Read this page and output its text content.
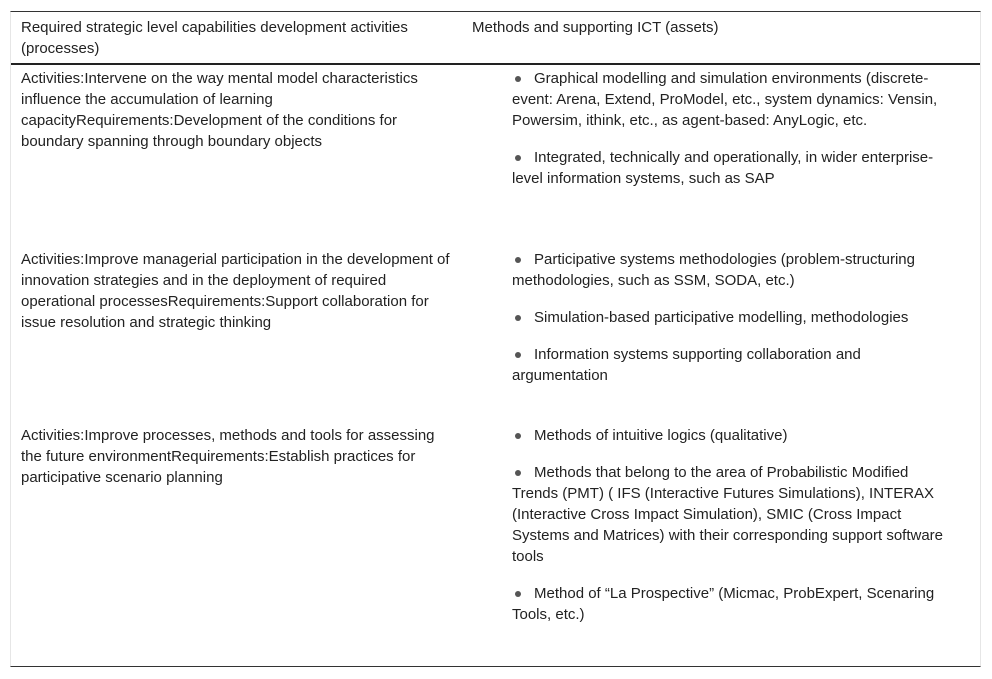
Required strategic level capabilities development activities (processes)
Methods and supporting ICT (assets)
Activities:Intervene on the way mental model characteristics influence the accumulation of learning capacityRequirements:Development of the conditions for boundary spanning through boundary objects
Graphical modelling and simulation environments (discrete-event: Arena, Extend, ProModel, etc., system dynamics: Vensin, Powersim, ithink, etc., as agent-based: AnyLogic, etc.
Integrated, technically and operationally, in wider enterprise-level information systems, such as SAP
Activities:Improve managerial participation in the development of innovation strategies and in the deployment of required operational processesRequirements:Support collaboration for issue resolution and strategic thinking
Participative systems methodologies (problem-structuring methodologies, such as SSM, SODA, etc.)
Simulation-based participative modelling, methodologies
Information systems supporting collaboration and argumentation
Activities:Improve processes, methods and tools for assessing the future environmentRequirements:Establish practices for participative scenario planning
Methods of intuitive logics (qualitative)
Methods that belong to the area of Probabilistic Modified Trends (PMT) ( IFS (Interactive Futures Simulations), INTERAX (Interactive Cross Impact Simulation), SMIC (Cross Impact Systems and Matrices) with their corresponding support software tools
Method of “La Prospective” (Micmac, ProbExpert, Scenaring Tools, etc.)
